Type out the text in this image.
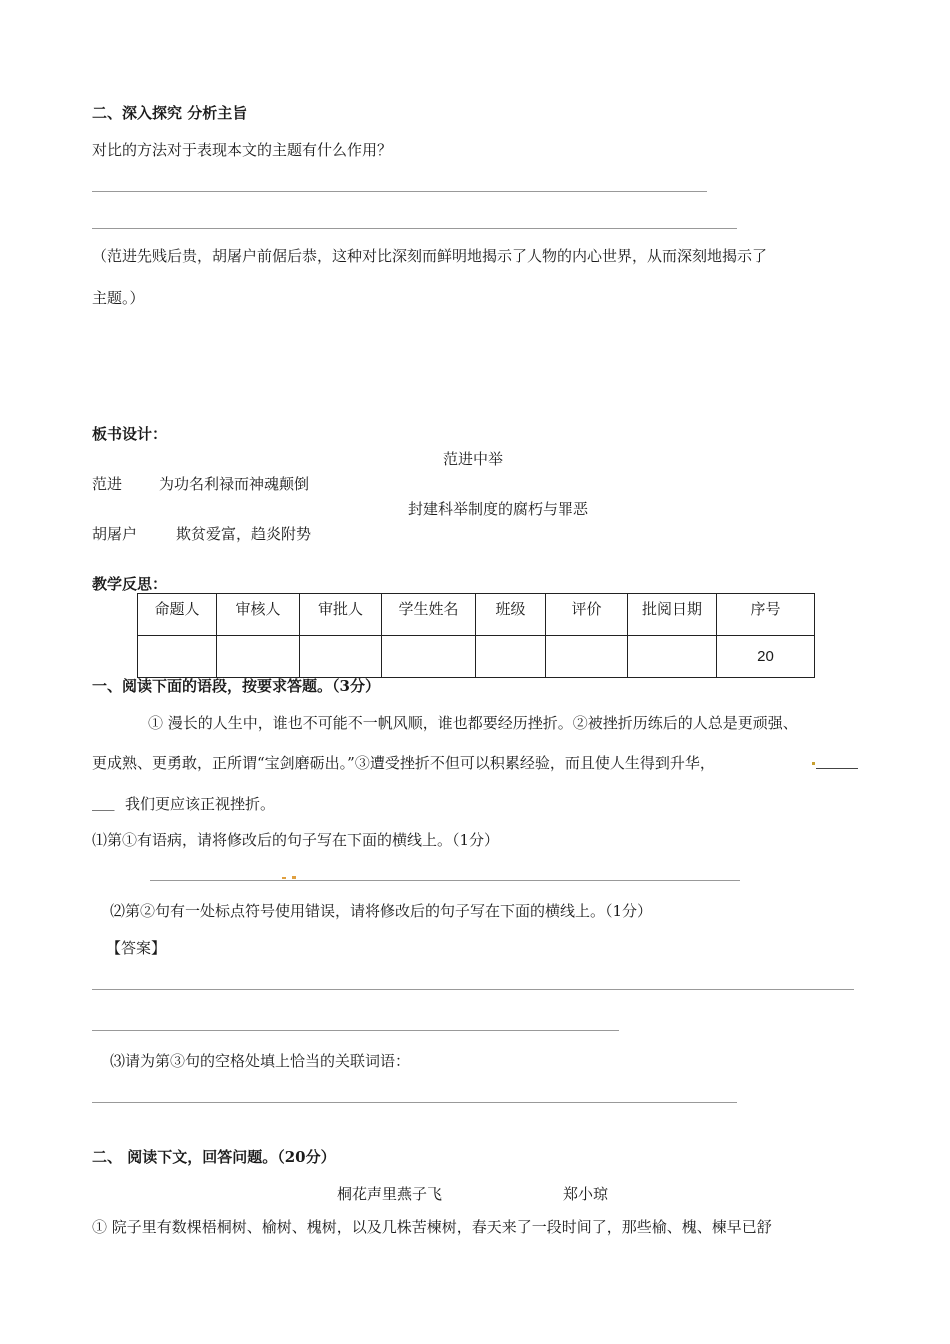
二、深入探究 分析主旨
对比的方法对于表现本文的主题有什么作用？
（范进先贱后贵，胡屠户前倨后恭，这种对比深刻而鲜明地揭示了人物的内心世界，从而深刻地揭示了
主题。）
板书设计：
范进中举
范进 为功名利禄而神魂颠倒
封建科举制度的腐朽与罪恶
胡屠户	欺贫爱富，趋炎附势
教学反思：
命题人	审核人	审批人	学生姓名	班级	评价	批阅日期	序号
							20
一、阅读下面的语段，按要求答题。（3分）
① 漫长的人生中，谁也不可能不一帆风顺，谁也都要经历挫折。②被挫折历练后的人总是更顽强、
更成熟、更勇敢，正所谓“宝剑磨砺出。”③遭受挫折不但可以积累经验，而且使人生得到升华，
___ 我们更应该正视挫折。
⑴第①有语病，请将修改后的句子写在下面的横线上。（1分）
⑵第②句有一处标点符号使用错误，请将修改后的句子写在下面的横线上。（1分）
【答案】
⑶请为第③句的空格处填上恰当的关联词语：
二、 阅读下文，回答问题。（20分）
桐花声里燕子飞	郑小琼
① 院子里有数棵梧桐树、榆树、槐树，以及几株苦楝树，春天来了一段时间了，那些榆、槐、楝早已舒
